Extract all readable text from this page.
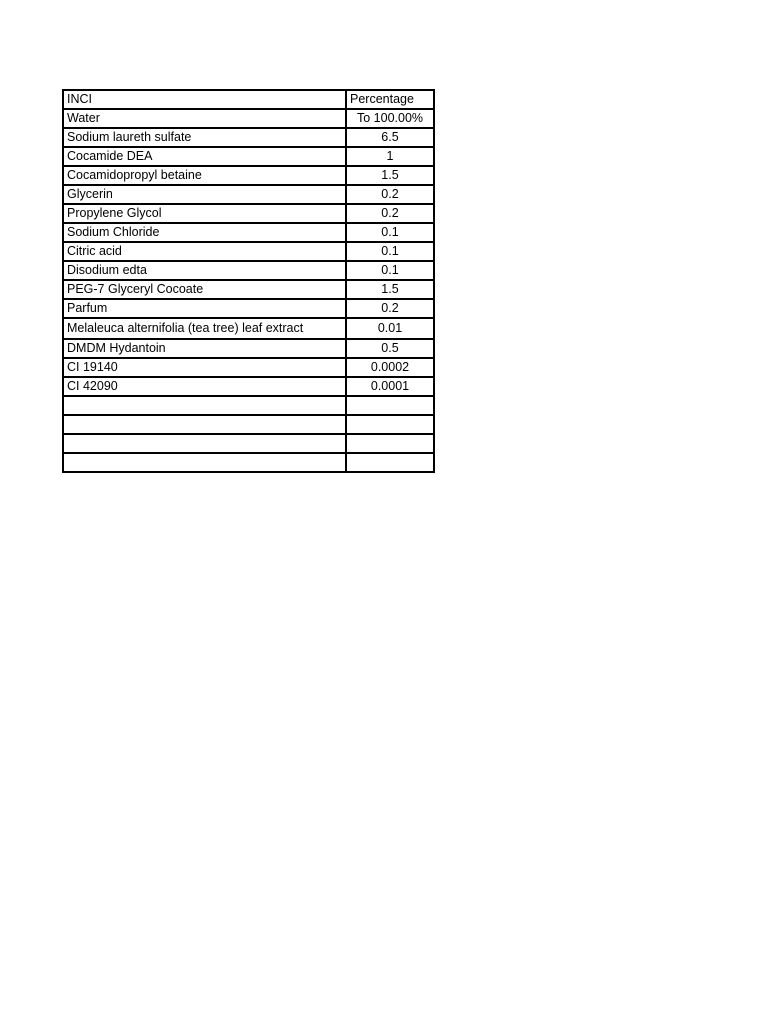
INCI	Percentage
Water	To 100.00%
Sodium laureth sulfate	6.5
Cocamide DEA	1
Cocamidopropyl betaine	1.5
Glycerin	0.2
Propylene Glycol	0.2
Sodium Chloride	0.1
Citric acid	0.1
Disodium edta	0.1
PEG-7 Glyceryl Cocoate	1.5
Parfum	0.2
Melaleuca alternifolia (tea tree) leaf extract	0.01
DMDM Hydantoin	0.5
CI 19140	0.0002
CI 42090	0.0001
